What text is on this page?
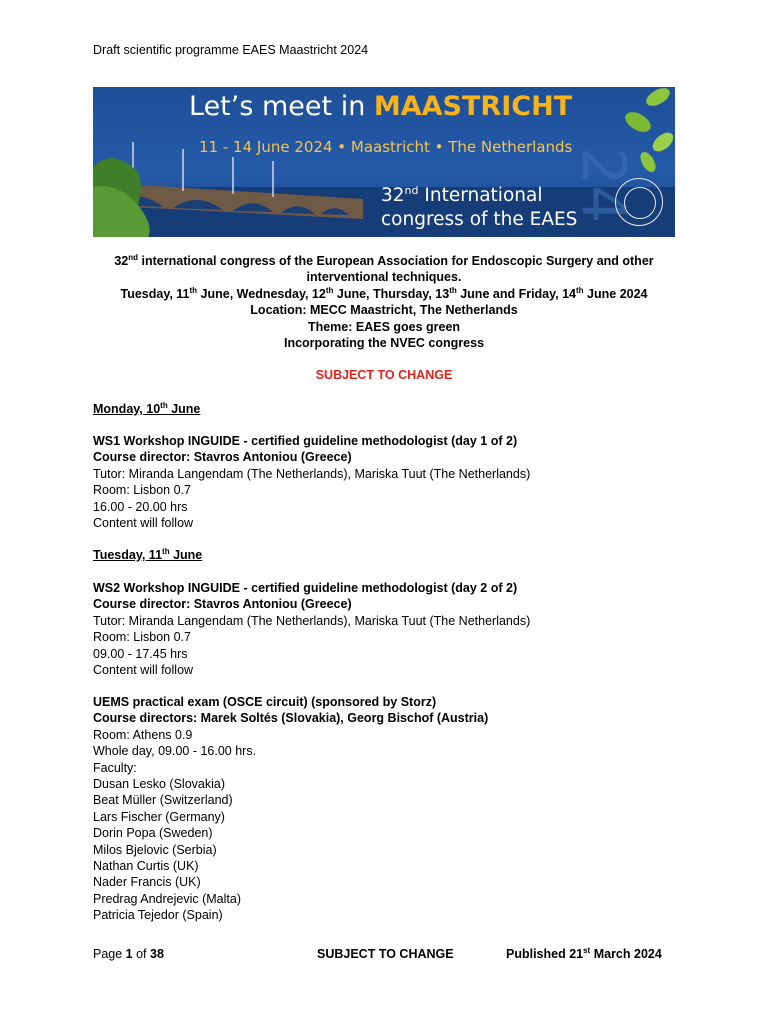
Draft scientific programme EAES Maastricht 2024
24
Let’s meet in MAASTRICHT
11 - 14 June 2024 • Maastricht • The Netherlands
32nd International
congress of the EAES
32nd international congress of the European Association for Endoscopic Surgery and other
interventional techniques.
Tuesday, 11th June, Wednesday, 12th June, Thursday, 13th June and Friday, 14th June 2024
Location: MECC Maastricht, The Netherlands
Theme: EAES goes green
Incorporating the NVEC congress
SUBJECT TO CHANGE
Monday, 10th June
WS1 Workshop INGUIDE - certified guideline methodologist (day 1 of 2)
Course director: Stavros Antoniou (Greece)
Tutor: Miranda Langendam (The Netherlands), Mariska Tuut (The Netherlands)
Room: Lisbon 0.7
16.00 - 20.00 hrs
Content will follow
Tuesday, 11th June
WS2 Workshop INGUIDE - certified guideline methodologist (day 2 of 2)
Course director: Stavros Antoniou (Greece)
Tutor: Miranda Langendam (The Netherlands), Mariska Tuut (The Netherlands)
Room: Lisbon 0.7
09.00 - 17.45 hrs
Content will follow
UEMS practical exam (OSCE circuit) (sponsored by Storz)
Course directors: Marek Soltés (Slovakia), Georg Bischof (Austria)
Room: Athens 0.9
Whole day, 09.00 - 16.00 hrs.
Faculty:
Dusan Lesko (Slovakia)
Beat Müller (Switzerland)
Lars Fischer (Germany)
Dorin Popa (Sweden)
Milos Bjelovic (Serbia)
Nathan Curtis (UK)
Nader Francis (UK)
Predrag Andrejevic (Malta)
Patricia Tejedor (Spain)
Page 1 of 38	SUBJECT TO CHANGE	Published 21st March 2024
